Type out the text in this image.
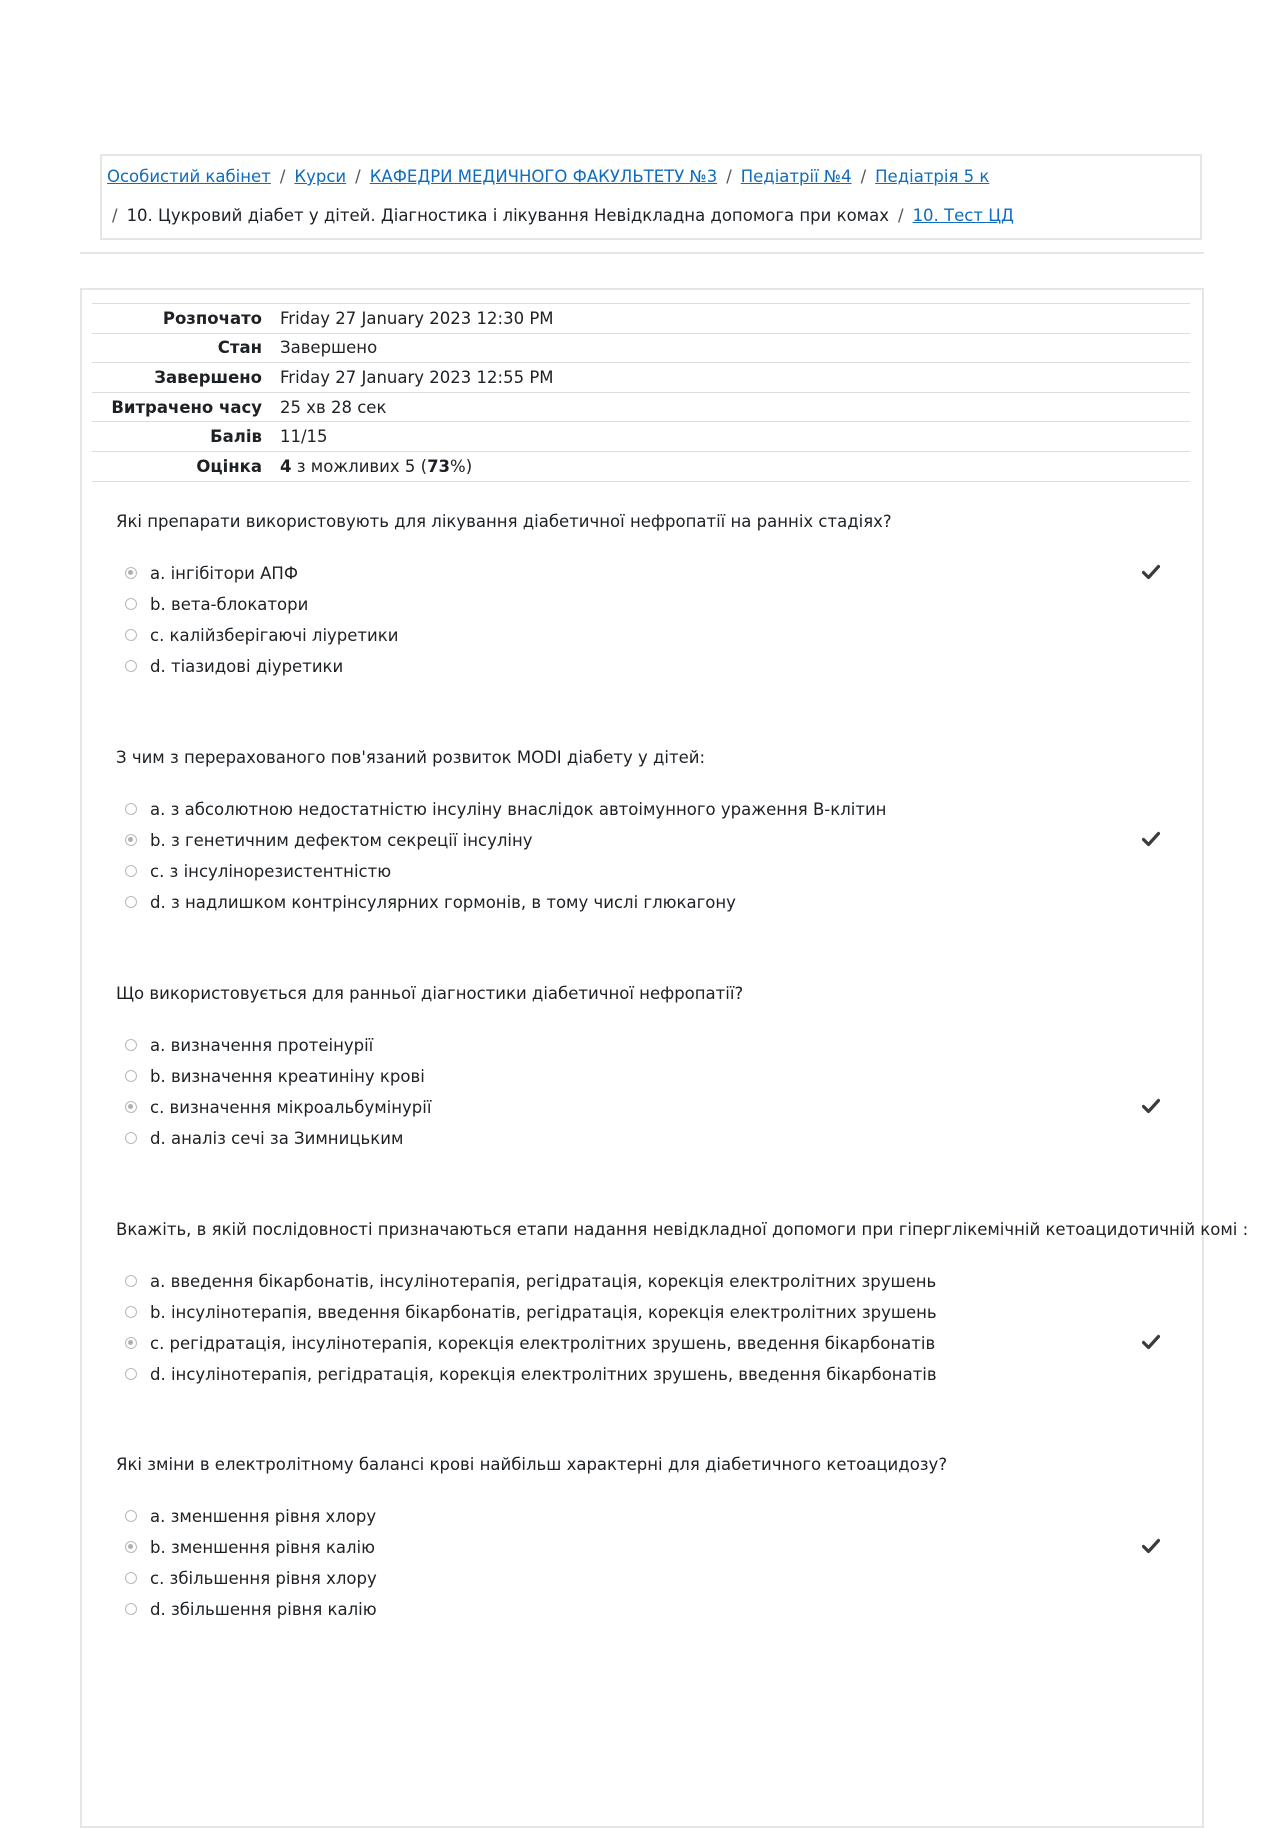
Особистий кабінет / Курси / КАФЕДРИ МЕДИЧНОГО ФАКУЛЬТЕТУ №3 / Педіатрії №4 / Педіатрія 5 к
/ 10. Цукровий діабет у дітей. Діагностика і лікування Невідкладна допомога при комах / 10. Тест ЦД
Розпочато	Friday 27 January 2023 12:30 PM
Стан	Завершено
Завершено	Friday 27 January 2023 12:55 PM
Витрачено часу	25 хв 28 сек
Балів	11/15
Оцінка	4 з можливих 5 (73%)
Які препарати використовують для лікування діабетичної нефропатії на ранніх стадіях?
a. інгібітори АПФ
b. вета-блокатори
c. калійзберігаючі ліуретики
d. тіазидові діуретики
З чим з перерахованого пов'язаний розвиток MODI діабету у дітей:
a. з абсолютною недостатністю інсуліну внаслідок автоімунного ураження В-клітин
b. з генетичним дефектом секреції інсуліну
c. з інсулінорезистентністю
d. з надлишком контрінсулярних гормонів, в тому числі глюкагону
Що використовується для ранньої діагностики діабетичної нефропатії?
a. визначення протеінурії
b. визначення креатиніну крові
c. визначення мікроальбумінурії
d. аналіз сечі за Зимницьким
Вкажіть, в якій послідовності призначаються етапи надання невідкладної допомоги при гіперглікемічній кетоацидотичній комі :
a. введення бікарбонатів, інсулінотерапія, регідратація, корекція електролітних зрушень
b. інсулінотерапія, введення бікарбонатів, регідратація, корекція електролітних зрушень
c. регідратація, інсулінотерапія, корекція електролітних зрушень, введення бікарбонатів
d. інсулінотерапія, регідратація, корекція електролітних зрушень, введення бікарбонатів
Які зміни в електролітному балансі крові найбільш характерні для діабетичного кетоацидозу?
a. зменшення рівня хлору
b. зменшення рівня калію
c. збільшення рівня хлору
d. збільшення рівня калію
